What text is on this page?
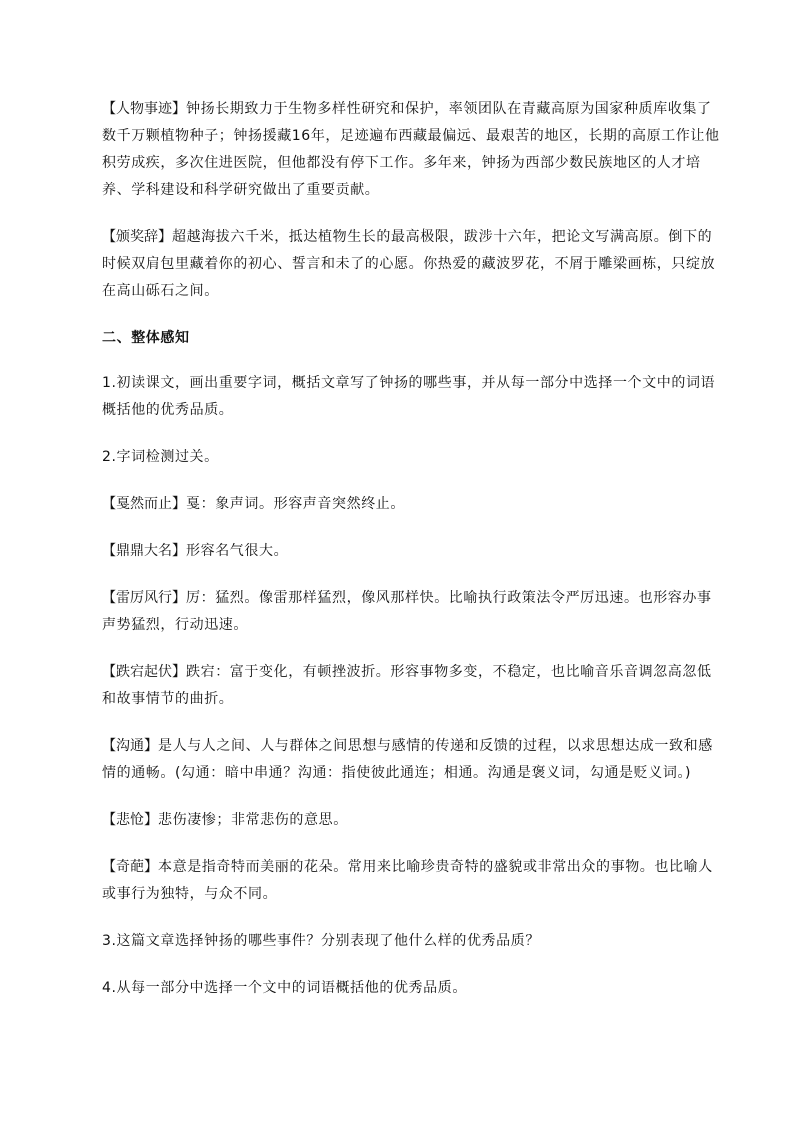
【人物事迹】钟扬长期致力于生物多样性研究和保护，率领团队在青藏高原为国家种质库收集了数千万颗植物种子；钟扬援藏16年，足迹遍布西藏最偏远、最艰苦的地区，长期的高原工作让他积劳成疾，多次住进医院，但他都没有停下工作。多年来，钟扬为西部少数民族地区的人才培养、学科建设和科学研究做出了重要贡献。

【颁奖辞】超越海拔六千米，抵达植物生长的最高极限，跋涉十六年，把论文写满高原。倒下的时候双肩包里藏着你的初心、誓言和未了的心愿。你热爱的藏波罗花，不屑于雕梁画栋，只绽放在高山砾石之间。

二、整体感知

1.初读课文，画出重要字词，概括文章写了钟扬的哪些事，并从每一部分中选择一个文中的词语概括他的优秀品质。

2.字词检测过关。

【戛然而止】戛：象声词。形容声音突然终止。

【鼎鼎大名】形容名气很大。

【雷厉风行】厉：猛烈。像雷那样猛烈，像风那样快。比喻执行政策法令严厉迅速。也形容办事声势猛烈，行动迅速。

【跌宕起伏】跌宕：富于变化，有顿挫波折。形容事物多变，不稳定，也比喻音乐音调忽高忽低和故事情节的曲折。

【沟通】是人与人之间、人与群体之间思想与感情的传递和反馈的过程，以求思想达成一致和感情的通畅。(勾通：暗中串通？沟通：指使彼此通连；相通。沟通是褒义词，勾通是贬义词。)

【悲怆】悲伤凄惨；非常悲伤的意思。

【奇葩】本意是指奇特而美丽的花朵。常用来比喻珍贵奇特的盛貌或非常出众的事物。也比喻人或事行为独特，与众不同。

3.这篇文章选择钟扬的哪些事件？分别表现了他什么样的优秀品质？

4.从每一部分中选择一个文中的词语概括他的优秀品质。
